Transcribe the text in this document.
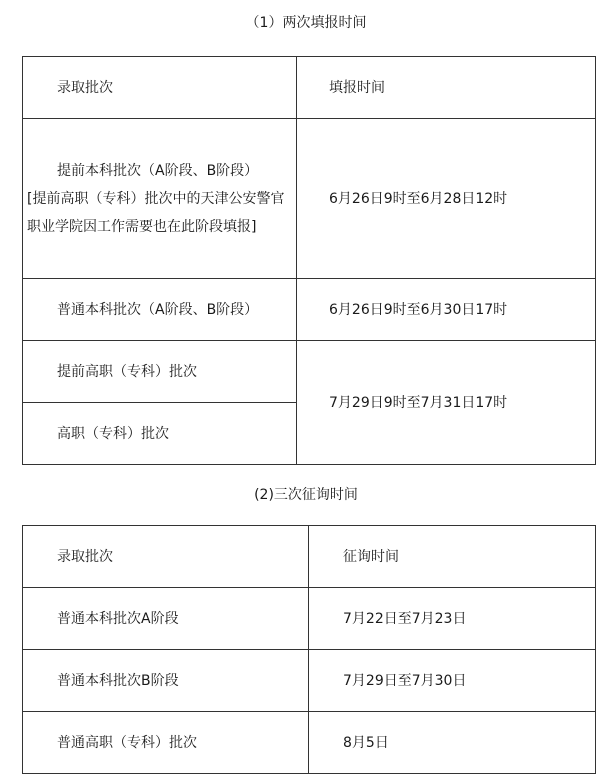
（1）两次填报时间
录取批次	填报时间

提前本科批次（A阶段、B阶段）
[提前高职（专科）批次中的天津公安警官职业学院因工作需要也在此阶段填报]	6月26日9时至6月28日12时
普通本科批次（A阶段、B阶段）	6月26日9时至6月30日17时
提前高职（专科）批次	7月29日9时至7月31日17时
高职（专科）批次	
(2)三次征询时间
录取批次	征询时间
普通本科批次A阶段	7月22日至7月23日
普通本科批次B阶段	7月29日至7月30日
普通高职（专科）批次	8月5日
